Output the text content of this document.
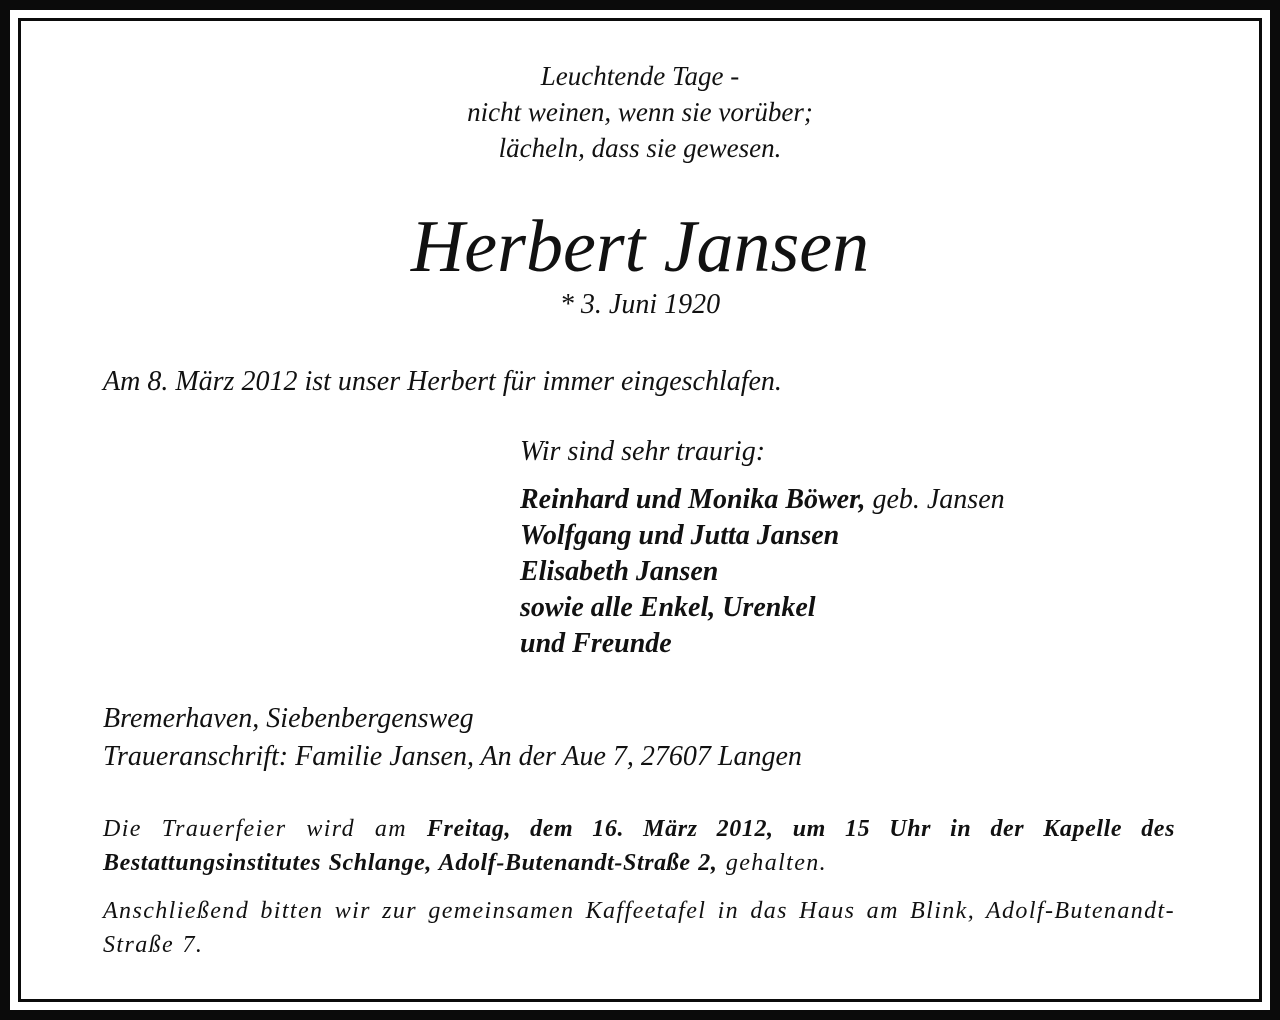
Leuchtende Tage -
nicht weinen, wenn sie vorüber;
lächeln, dass sie gewesen.
Herbert Jansen
* 3. Juni 1920
Am 8. März 2012 ist unser Herbert für immer eingeschlafen.
Wir sind sehr traurig:
Reinhard und Monika Böwer, geb. Jansen
Wolfgang und Jutta Jansen
Elisabeth Jansen
sowie alle Enkel, Urenkel
und Freunde
Bremerhaven, Siebenbergensweg
Traueranschrift: Familie Jansen, An der Aue 7, 27607 Langen
Die Trauerfeier wird am Freitag, dem 16. März 2012, um 15 Uhr in der Kapelle des Bestattungsinstitutes Schlange, Adolf-Butenandt-Straße 2, gehalten.
Anschließend bitten wir zur gemeinsamen Kaffeetafel in das Haus am Blink, Adolf-Butenandt-Straße 7.
